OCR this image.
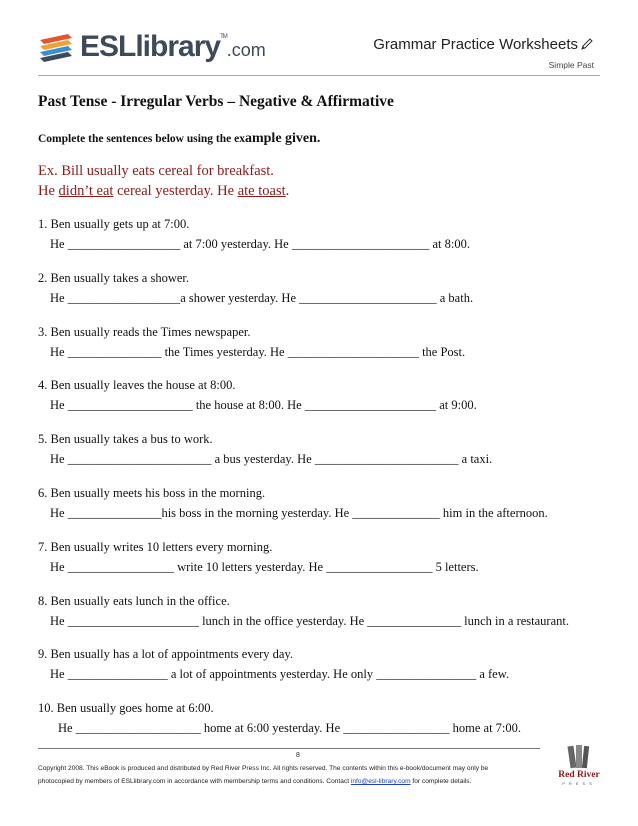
ESLlibrary™.com	Grammar Practice Worksheets
Simple Past
Past Tense - Irregular Verbs – Negative & Affirmative
Complete the sentences below using the example given.
Ex. Bill usually eats cereal for breakfast.
He didn’t eat cereal yesterday. He ate toast.
1. Ben usually gets up at 7:00.
He __________________ at 7:00 yesterday. He ______________________ at 8:00.
2. Ben usually takes a shower.
He __________________a shower yesterday. He ______________________ a bath.
3. Ben usually reads the Times newspaper.
He _______________ the Times yesterday. He _____________________ the Post.
4. Ben usually leaves the house at 8:00.
He ____________________ the house at 8:00. He _____________________ at 9:00.
5. Ben usually takes a bus to work.
He _______________________ a bus yesterday. He _______________________ a taxi.
6. Ben usually meets his boss in the morning.
He _______________his boss in the morning yesterday. He ______________ him in the afternoon.
7. Ben usually writes 10 letters every morning.
He _________________ write 10 letters yesterday. He _________________ 5 letters.
8. Ben usually eats lunch in the office.
He _____________________ lunch in the office yesterday. He _______________ lunch in a restaurant.
9. Ben usually has a lot of appointments every day.
He ________________ a lot of appointments yesterday. He only ________________ a few.
10. Ben usually goes home at 6:00.
He ____________________ home at 6:00 yesterday. He _________________ home at 7:00.
8
Copyright 2008. This eBook is produced and distributed by Red River Press Inc. All rights reserved. The contents within this e-book/document may only be
photocopied by members of ESLlibrary.com in accordance with membership terms and conditions. Contact info@esl-library.com for complete details.
Red River
PRESS
